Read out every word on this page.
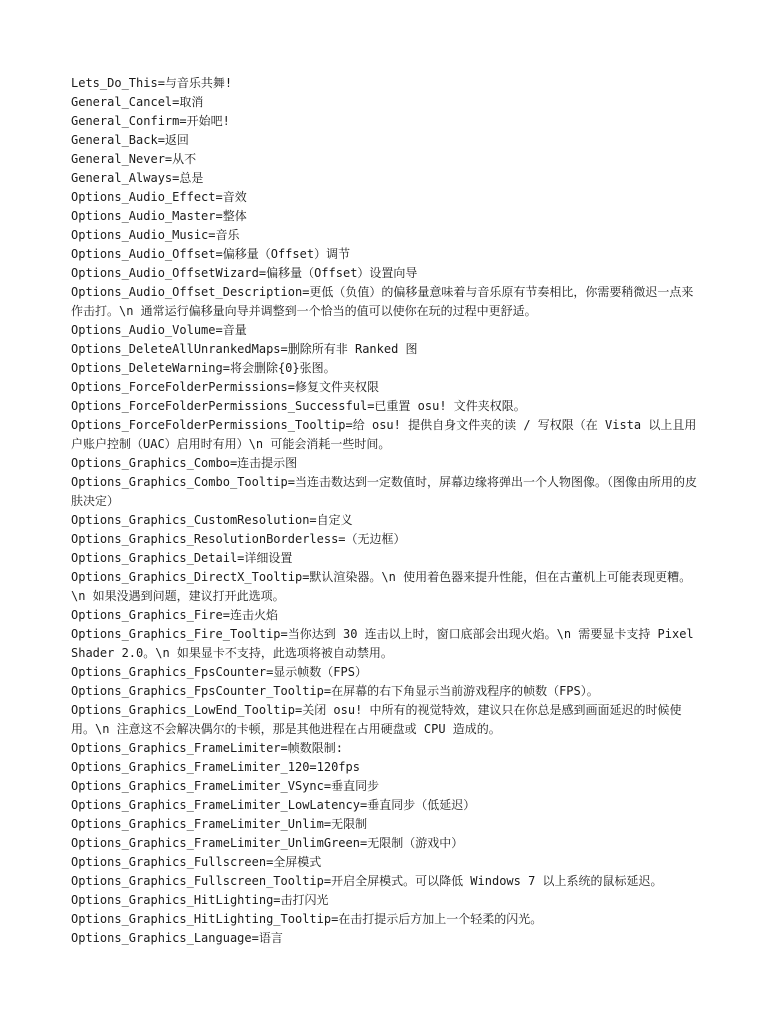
Lets_Do_This=与音乐共舞!
General_Cancel=取消
General_Confirm=开始吧!
General_Back=返回
General_Never=从不
General_Always=总是
Options_Audio_Effect=音效
Options_Audio_Master=整体
Options_Audio_Music=音乐
Options_Audio_Offset=偏移量（Offset）调节
Options_Audio_OffsetWizard=偏移量（Offset）设置向导
Options_Audio_Offset_Description=更低（负值）的偏移量意味着与音乐原有节奏相比，你需要稍微迟一点来作击打。\n 通常运行偏移量向导并调整到一个恰当的值可以使你在玩的过程中更舒适。
Options_Audio_Volume=音量
Options_DeleteAllUnrankedMaps=删除所有非 Ranked 图
Options_DeleteWarning=将会删除{0}张图。
Options_ForceFolderPermissions=修复文件夹权限
Options_ForceFolderPermissions_Successful=已重置 osu! 文件夹权限。
Options_ForceFolderPermissions_Tooltip=给 osu! 提供自身文件夹的读 / 写权限（在 Vista 以上且用户账户控制（UAC）启用时有用）\n 可能会消耗一些时间。
Options_Graphics_Combo=连击提示图
Options_Graphics_Combo_Tooltip=当连击数达到一定数值时，屏幕边缘将弹出一个人物图像。（图像由所用的皮肤决定）
Options_Graphics_CustomResolution=自定义
Options_Graphics_ResolutionBorderless=（无边框）
Options_Graphics_Detail=详细设置
Options_Graphics_DirectX_Tooltip=默认渲染器。\n 使用着色器来提升性能，但在古董机上可能表现更糟。\n 如果没遇到问题，建议打开此选项。
Options_Graphics_Fire=连击火焰
Options_Graphics_Fire_Tooltip=当你达到 30 连击以上时，窗口底部会出现火焰。\n 需要显卡支持 Pixel Shader 2.0。\n 如果显卡不支持，此选项将被自动禁用。
Options_Graphics_FpsCounter=显示帧数（FPS）
Options_Graphics_FpsCounter_Tooltip=在屏幕的右下角显示当前游戏程序的帧数（FPS）。
Options_Graphics_LowEnd_Tooltip=关闭 osu! 中所有的视觉特效，建议只在你总是感到画面延迟的时候使用。\n 注意这不会解决偶尔的卡顿，那是其他进程在占用硬盘或 CPU 造成的。
Options_Graphics_FrameLimiter=帧数限制:
Options_Graphics_FrameLimiter_120=120fps
Options_Graphics_FrameLimiter_VSync=垂直同步
Options_Graphics_FrameLimiter_LowLatency=垂直同步（低延迟）
Options_Graphics_FrameLimiter_Unlim=无限制
Options_Graphics_FrameLimiter_UnlimGreen=无限制（游戏中）
Options_Graphics_Fullscreen=全屏模式
Options_Graphics_Fullscreen_Tooltip=开启全屏模式。可以降低 Windows 7 以上系统的鼠标延迟。
Options_Graphics_HitLighting=击打闪光
Options_Graphics_HitLighting_Tooltip=在击打提示后方加上一个轻柔的闪光。
Options_Graphics_Language=语言
